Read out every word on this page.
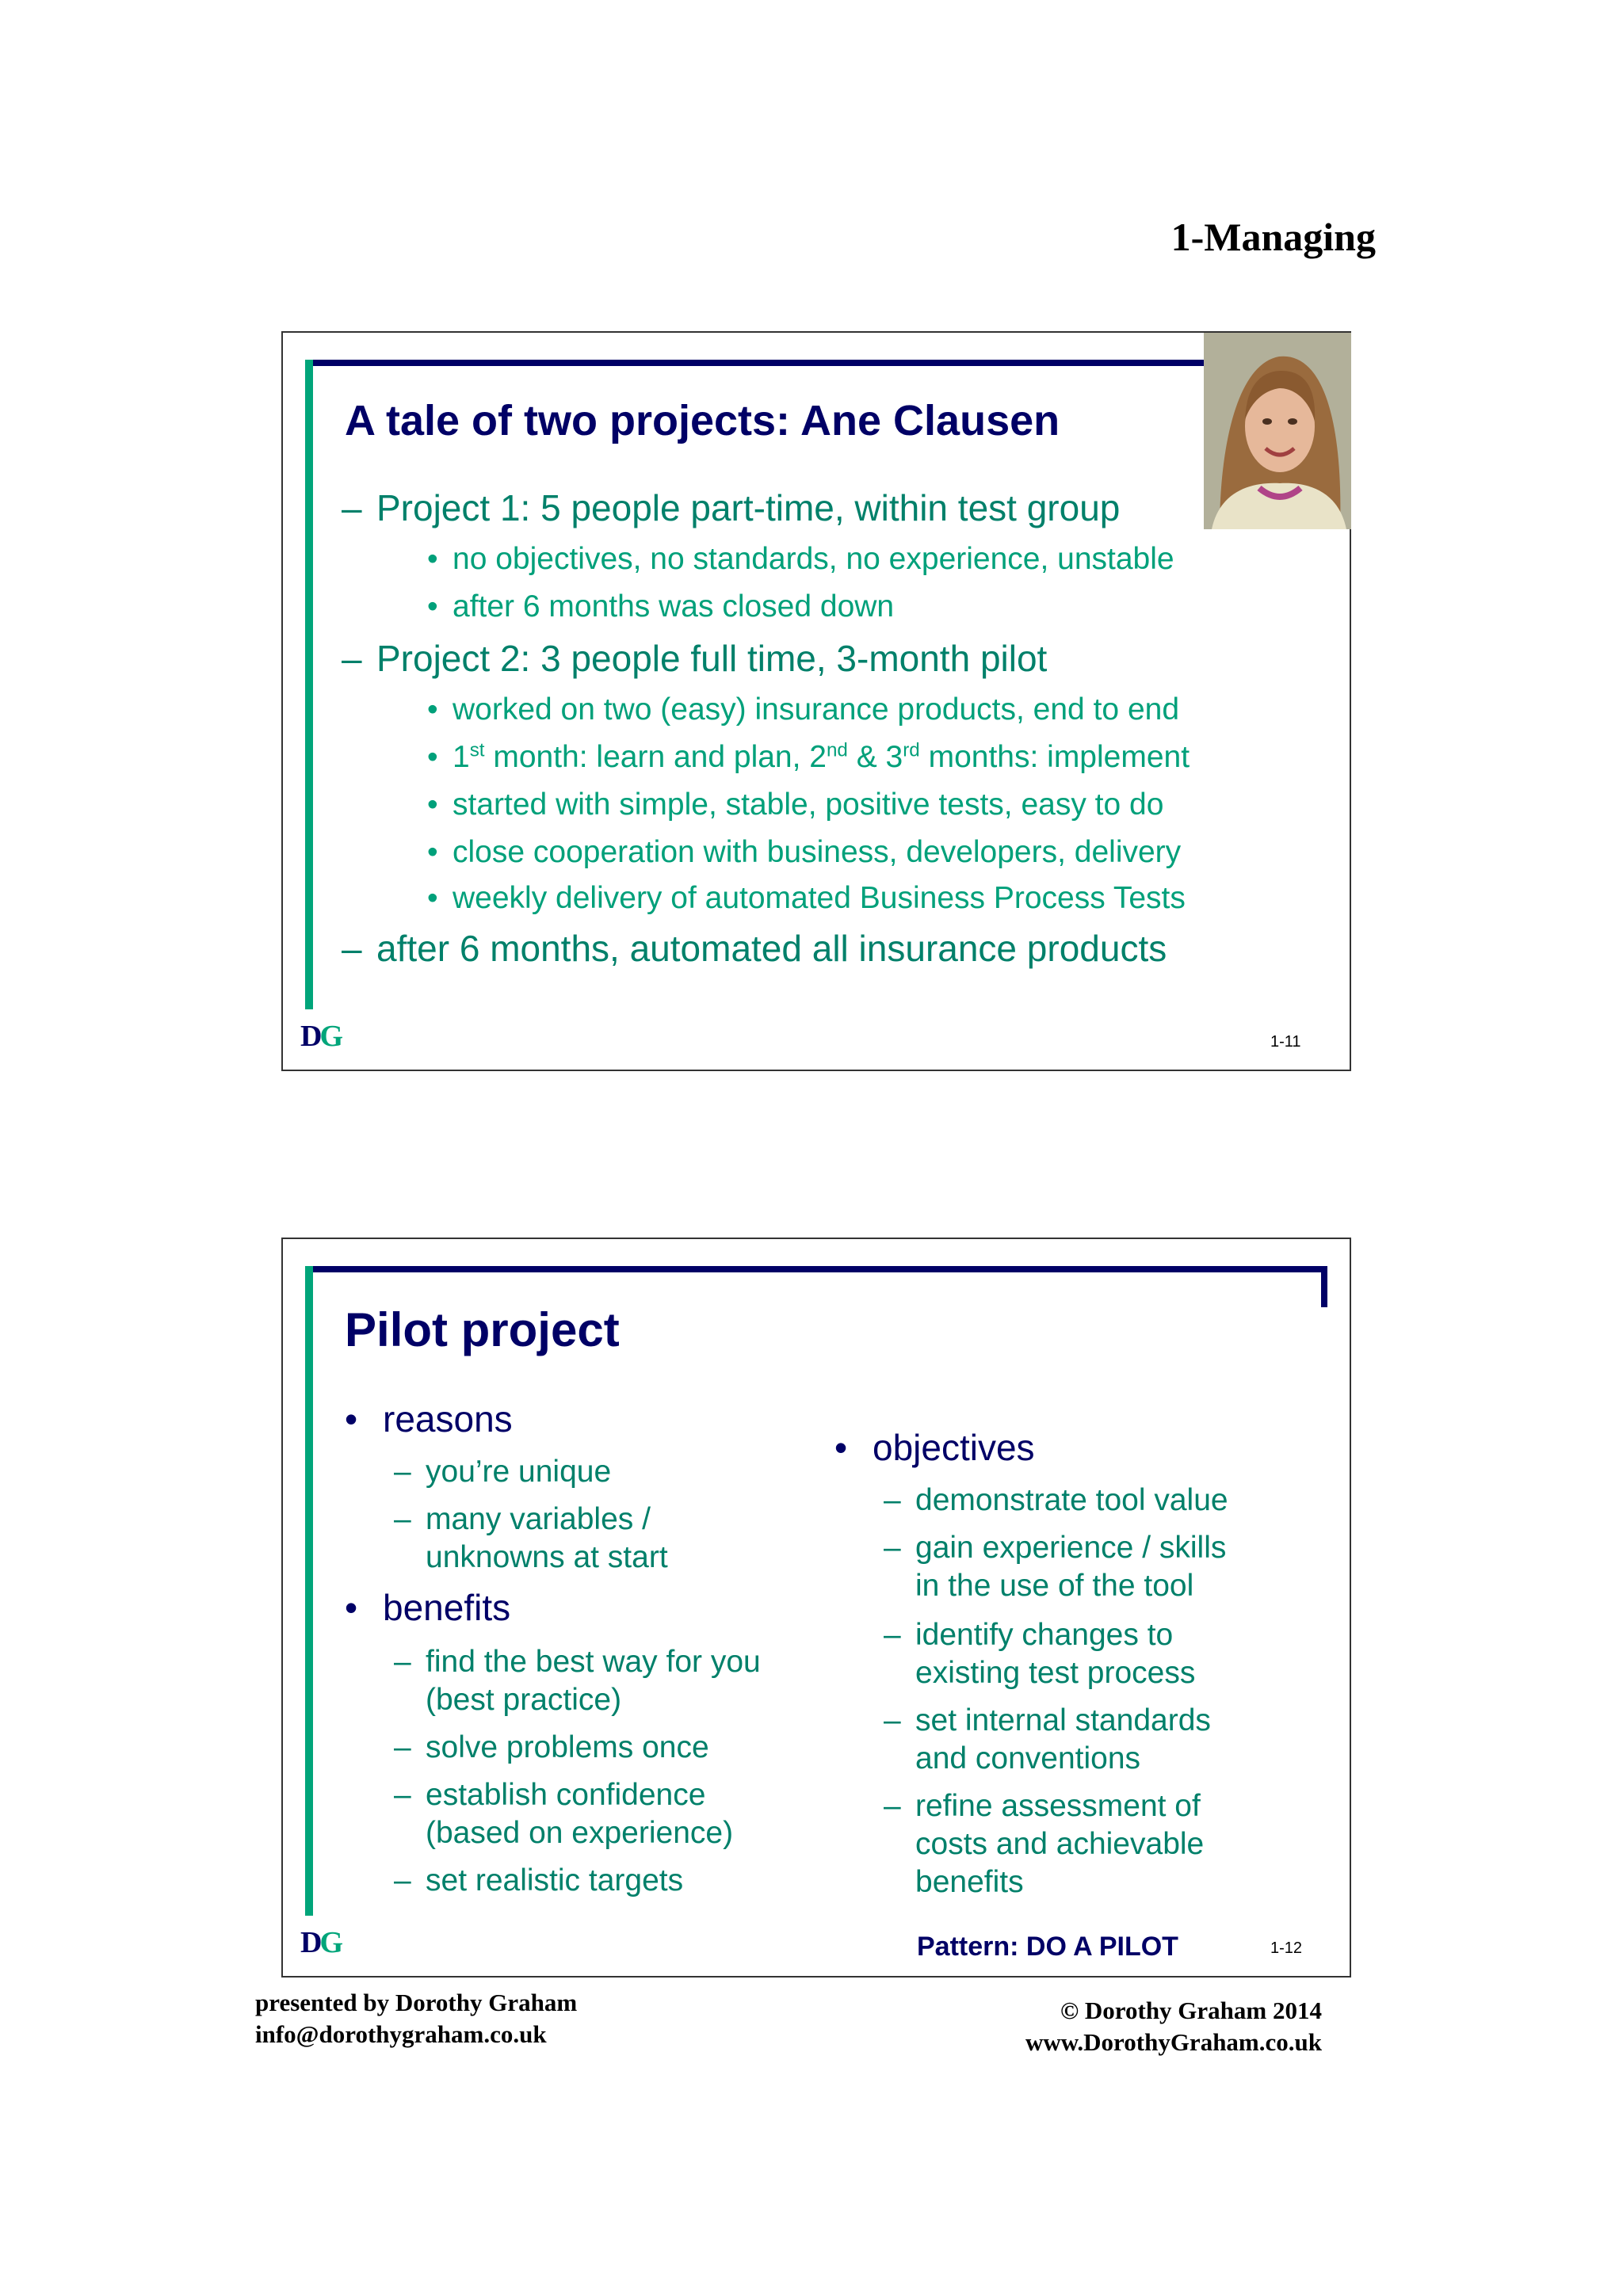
1-Managing
A tale of two projects: Ane Clausen
– Project 1: 5 people part-time, within test group
• no objectives, no standards, no experience, unstable
• after 6 months was closed down
– Project 2: 3 people full time, 3-month pilot
• worked on two (easy) insurance products, end to end
• 1st month: learn and plan, 2nd & 3rd months: implement
• started with simple, stable, positive tests, easy to do
• close cooperation with business, developers, delivery
• weekly delivery of automated Business Process Tests
– after 6 months, automated all insurance products
DG	1-11
Pilot project
• reasons
– you’re unique
– many variables /
unknowns at start
• benefits
– find the best way for you
(best practice)
– solve problems once
– establish confidence
(based on experience)
– set realistic targets
• objectives
– demonstrate tool value
– gain experience / skills
in the use of the tool
– identify changes to
existing test process
– set internal standards
and conventions
– refine assessment of
costs and achievable
benefits
Pattern: DO A PILOT
DG	1-12
presented by Dorothy Graham
info@dorothygraham.co.uk
© Dorothy Graham 2014
www.DorothyGraham.co.uk
